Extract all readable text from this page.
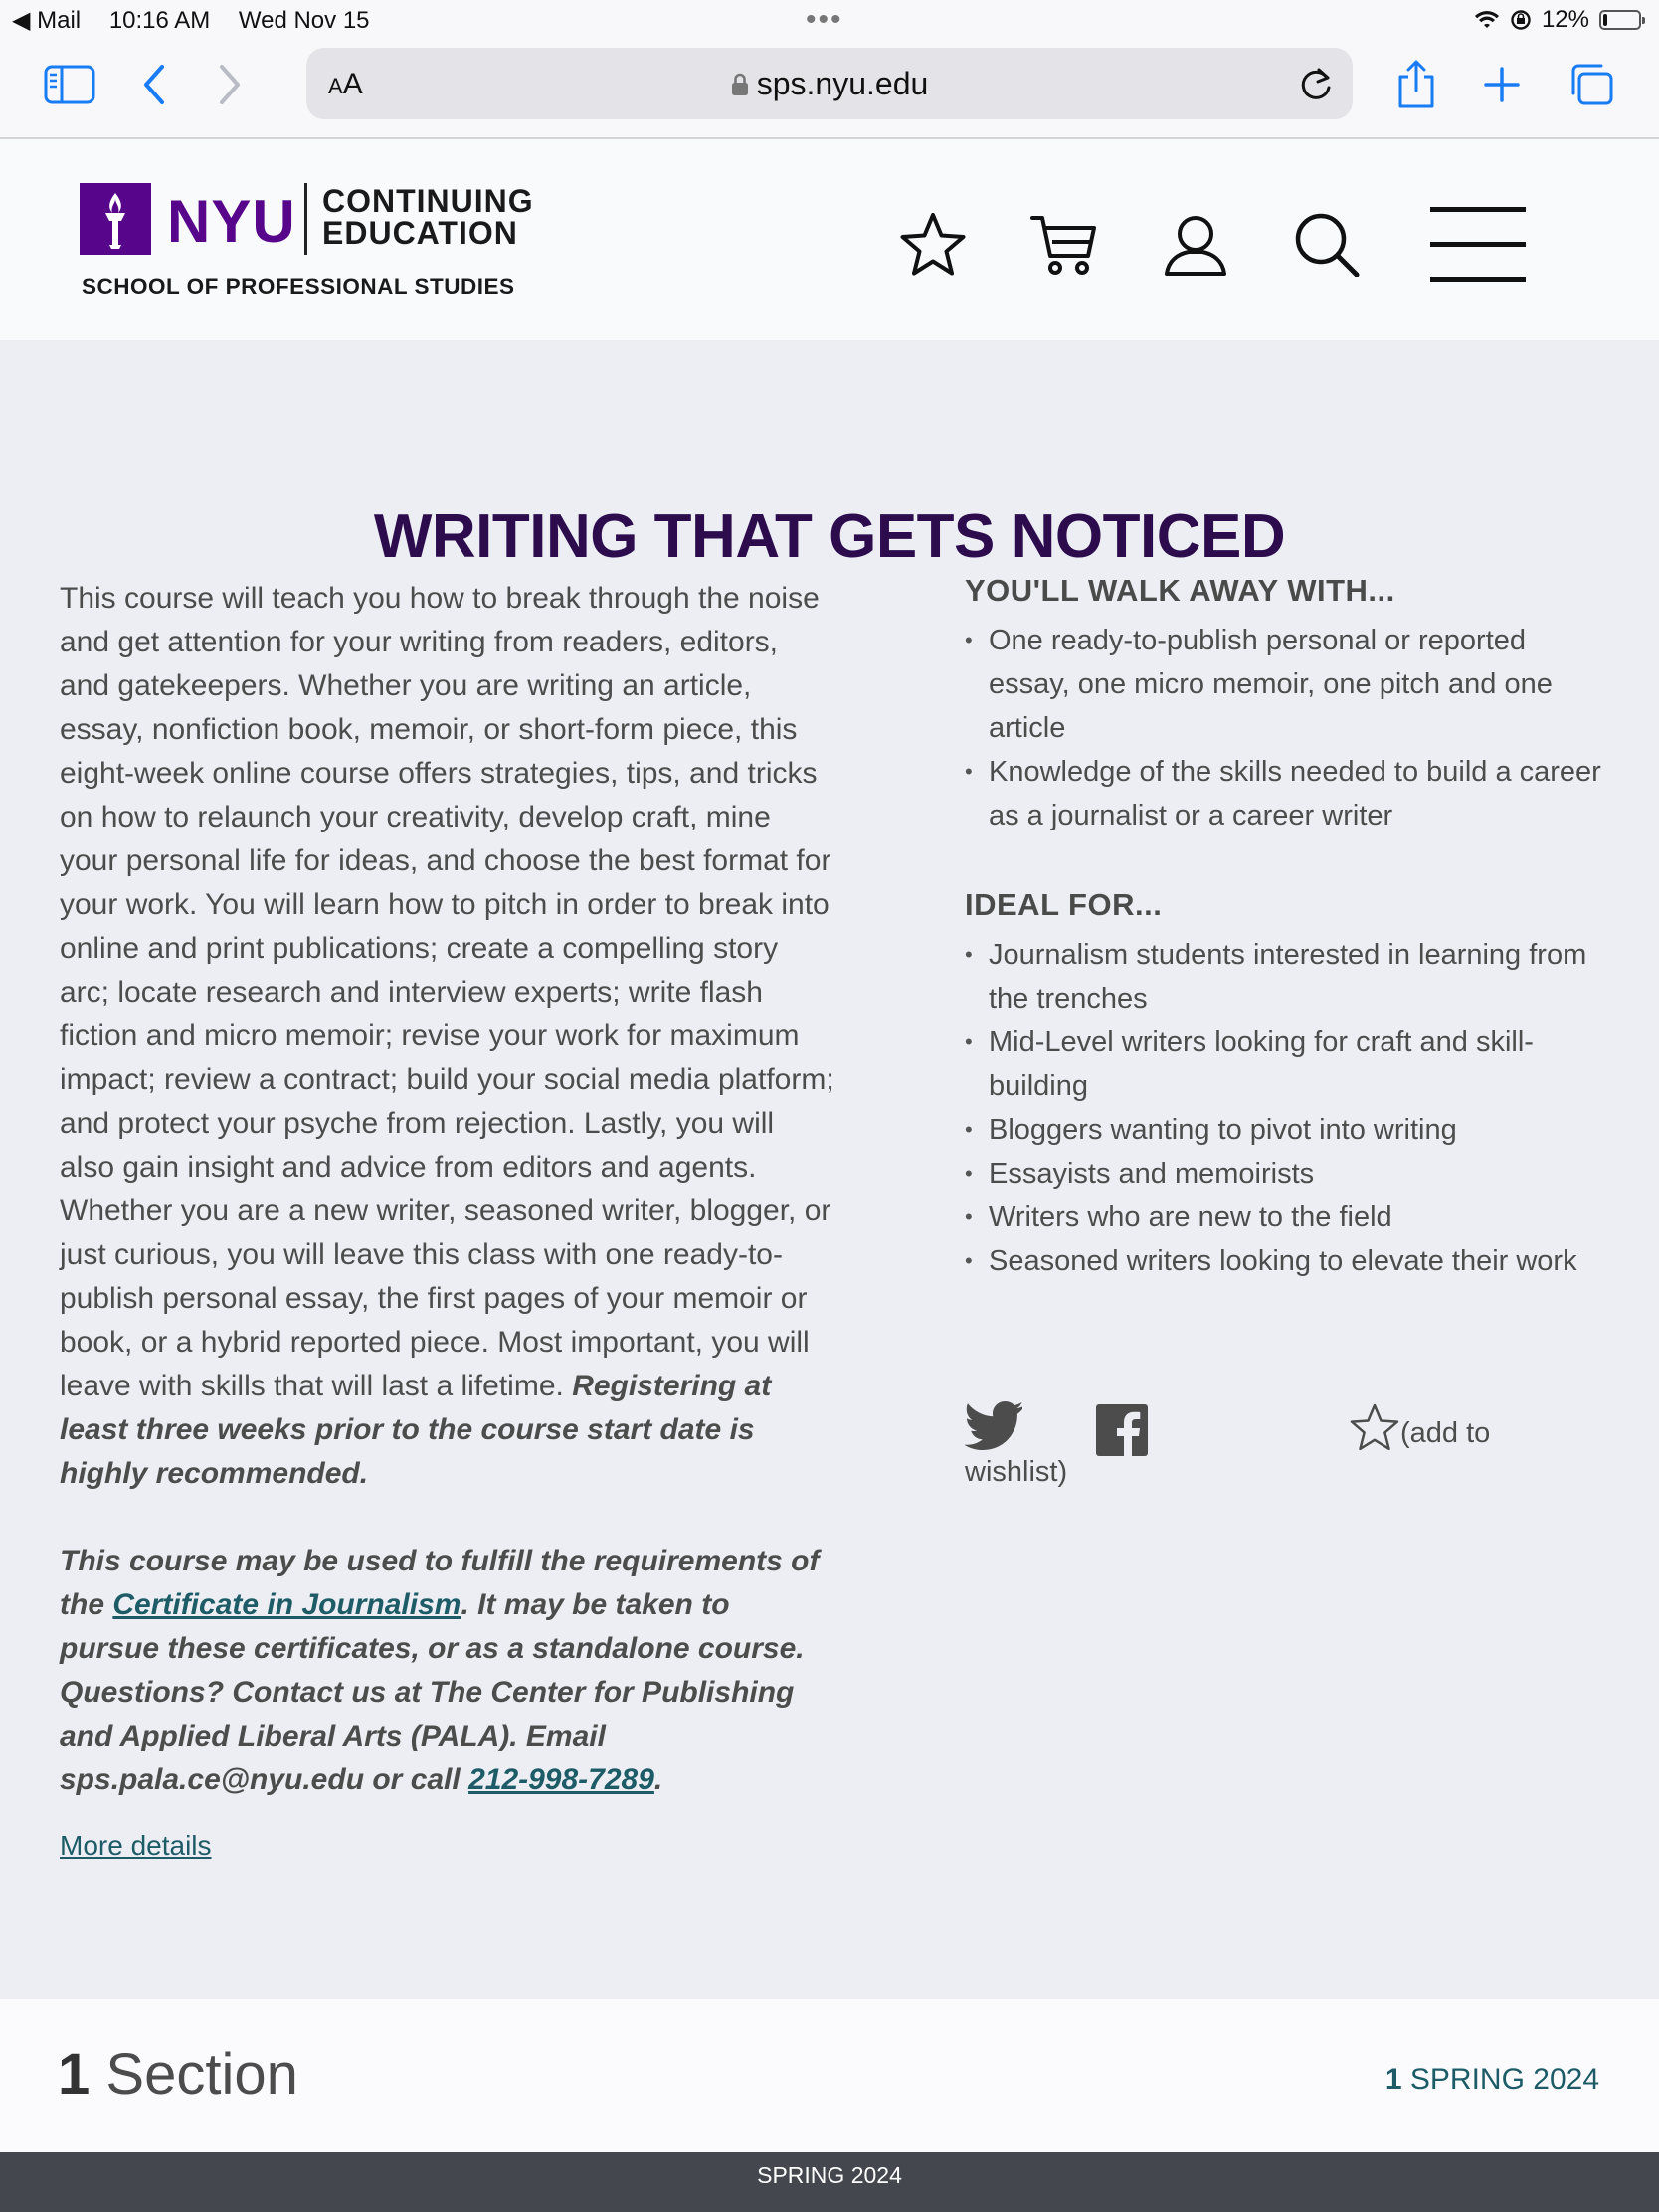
◀ Mail 10:16 AM Wed Nov 15	•••	12%
AA	sps.nyu.edu
NYU CONTINUING
EDUCATION
SCHOOL OF PROFESSIONAL STUDIES
WRITING THAT GETS NOTICED

This course will teach you how to break through the noise and get attention for your writing from readers, editors, and gatekeepers. Whether you are writing an article, essay, nonfiction book, memoir, or short-form piece, this eight-week online course offers strategies, tips, and tricks on how to relaunch your creativity, develop craft, mine your personal life for ideas, and choose the best format for your work. You will learn how to pitch in order to break into online and print publications; create a compelling story arc; locate research and interview experts; write flash fiction and micro memoir; revise your work for maximum impact; review a contract; build your social media platform; and protect your psyche from rejection. Lastly, you will also gain insight and advice from editors and agents. Whether you are a new writer, seasoned writer, blogger, or just curious, you will leave this class with one ready-to-publish personal essay, the first pages of your memoir or book, or a hybrid reported piece. Most important, you will leave with skills that will last a lifetime. Registering at least three weeks prior to the course start date is highly recommended.

This course may be used to fulfill the requirements of the Certificate in Journalism. It may be taken to pursue these certificates, or as a standalone course. Questions? Contact us at The Center for Publishing and Applied Liberal Arts (PALA). Email sps.pala.ce@nyu.edu or call 212-998-7289.

More details
YOU'LL WALK AWAY WITH...
• One ready-to-publish personal or reported essay, one micro memoir, one pitch and one article
• Knowledge of the skills needed to build a career as a journalist or a career writer
IDEAL FOR...
• Journalism students interested in learning from the trenches
• Mid-Level writers looking for craft and skill-building
• Bloggers wanting to pivot into writing
• Essayists and memoirists
• Writers who are new to the field
• Seasoned writers looking to elevate their work
(add to
wishlist)
1 Section	1 SPRING 2024
SPRING 2024
